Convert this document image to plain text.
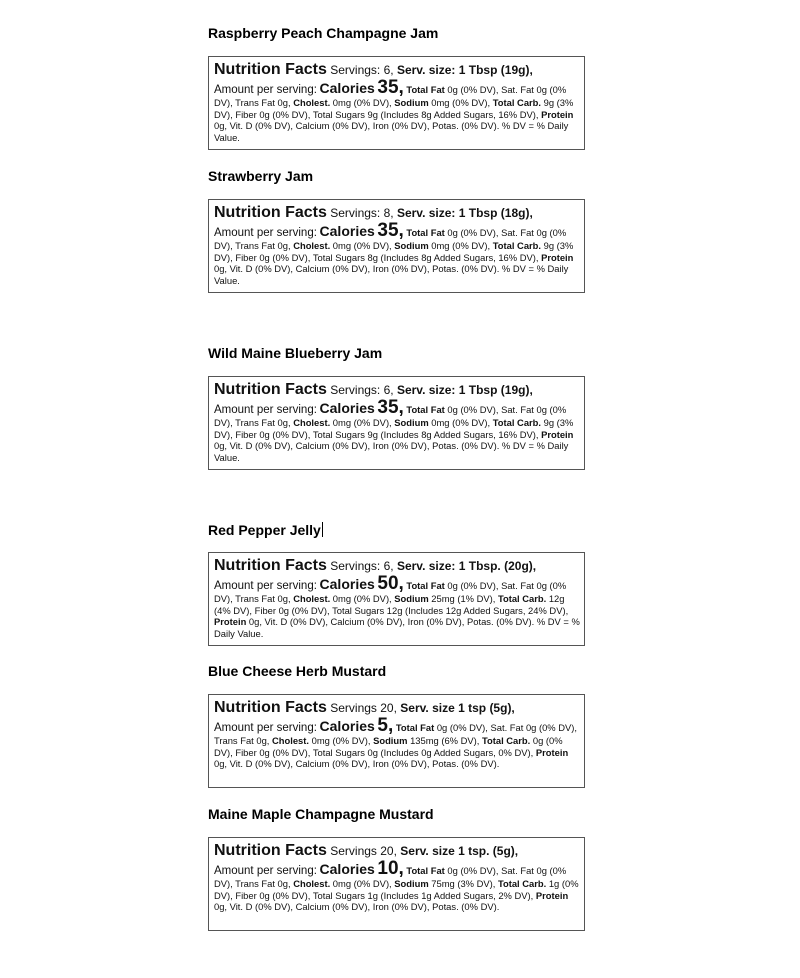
Raspberry Peach Champagne Jam
Nutrition Facts Servings: 6, Serv. size: 1 Tbsp (19g),
Amount per serving: Calories 35, Total Fat 0g (0% DV), Sat. Fat 0g (0% DV), Trans Fat 0g, Cholest. 0mg (0% DV), Sodium 0mg (0% DV), Total Carb. 9g (3% DV), Fiber 0g (0% DV), Total Sugars 9g (Includes 8g Added Sugars, 16% DV), Protein 0g, Vit. D (0% DV), Calcium (0% DV), Iron (0% DV), Potas. (0% DV). % DV = % Daily Value.
Strawberry Jam
Nutrition Facts Servings: 8, Serv. size: 1 Tbsp (18g),
Amount per serving: Calories 35, Total Fat 0g (0% DV), Sat. Fat 0g (0% DV), Trans Fat 0g, Cholest. 0mg (0% DV), Sodium 0mg (0% DV), Total Carb. 9g (3% DV), Fiber 0g (0% DV), Total Sugars 8g (Includes 8g Added Sugars, 16% DV), Protein 0g, Vit. D (0% DV), Calcium (0% DV), Iron (0% DV), Potas. (0% DV). % DV = % Daily Value.
Wild Maine Blueberry Jam
Nutrition Facts Servings: 6, Serv. size: 1 Tbsp (19g),
Amount per serving: Calories 35, Total Fat 0g (0% DV), Sat. Fat 0g (0% DV), Trans Fat 0g, Cholest. 0mg (0% DV), Sodium 0mg (0% DV), Total Carb. 9g (3% DV), Fiber 0g (0% DV), Total Sugars 9g (Includes 8g Added Sugars, 16% DV), Protein 0g, Vit. D (0% DV), Calcium (0% DV), Iron (0% DV), Potas. (0% DV). % DV = % Daily Value.
Red Pepper Jelly
Nutrition Facts Servings: 6, Serv. size: 1 Tbsp. (20g),
Amount per serving: Calories 50, Total Fat 0g (0% DV), Sat. Fat 0g (0% DV), Trans Fat 0g, Cholest. 0mg (0% DV), Sodium 25mg (1% DV), Total Carb. 12g (4% DV), Fiber 0g (0% DV), Total Sugars 12g (Includes 12g Added Sugars, 24% DV), Protein 0g, Vit. D (0% DV), Calcium (0% DV), Iron (0% DV), Potas. (0% DV). % DV = % Daily Value.
Blue Cheese Herb Mustard
Nutrition Facts Servings 20, Serv. size 1 tsp (5g),
Amount per serving: Calories 5, Total Fat 0g (0% DV), Sat. Fat 0g (0% DV), Trans Fat 0g, Cholest. 0mg (0% DV), Sodium 135mg (6% DV), Total Carb. 0g (0% DV), Fiber 0g (0% DV), Total Sugars 0g (Includes 0g Added Sugars, 0% DV), Protein 0g, Vit. D (0% DV), Calcium (0% DV), Iron (0% DV), Potas. (0% DV).
Maine Maple Champagne Mustard
Nutrition Facts Servings 20, Serv. size 1 tsp. (5g),
Amount per serving: Calories 10, Total Fat 0g (0% DV), Sat. Fat 0g (0% DV), Trans Fat 0g, Cholest. 0mg (0% DV), Sodium 75mg (3% DV), Total Carb. 1g (0% DV), Fiber 0g (0% DV), Total Sugars 1g (Includes 1g Added Sugars, 2% DV), Protein 0g, Vit. D (0% DV), Calcium (0% DV), Iron (0% DV), Potas. (0% DV).
